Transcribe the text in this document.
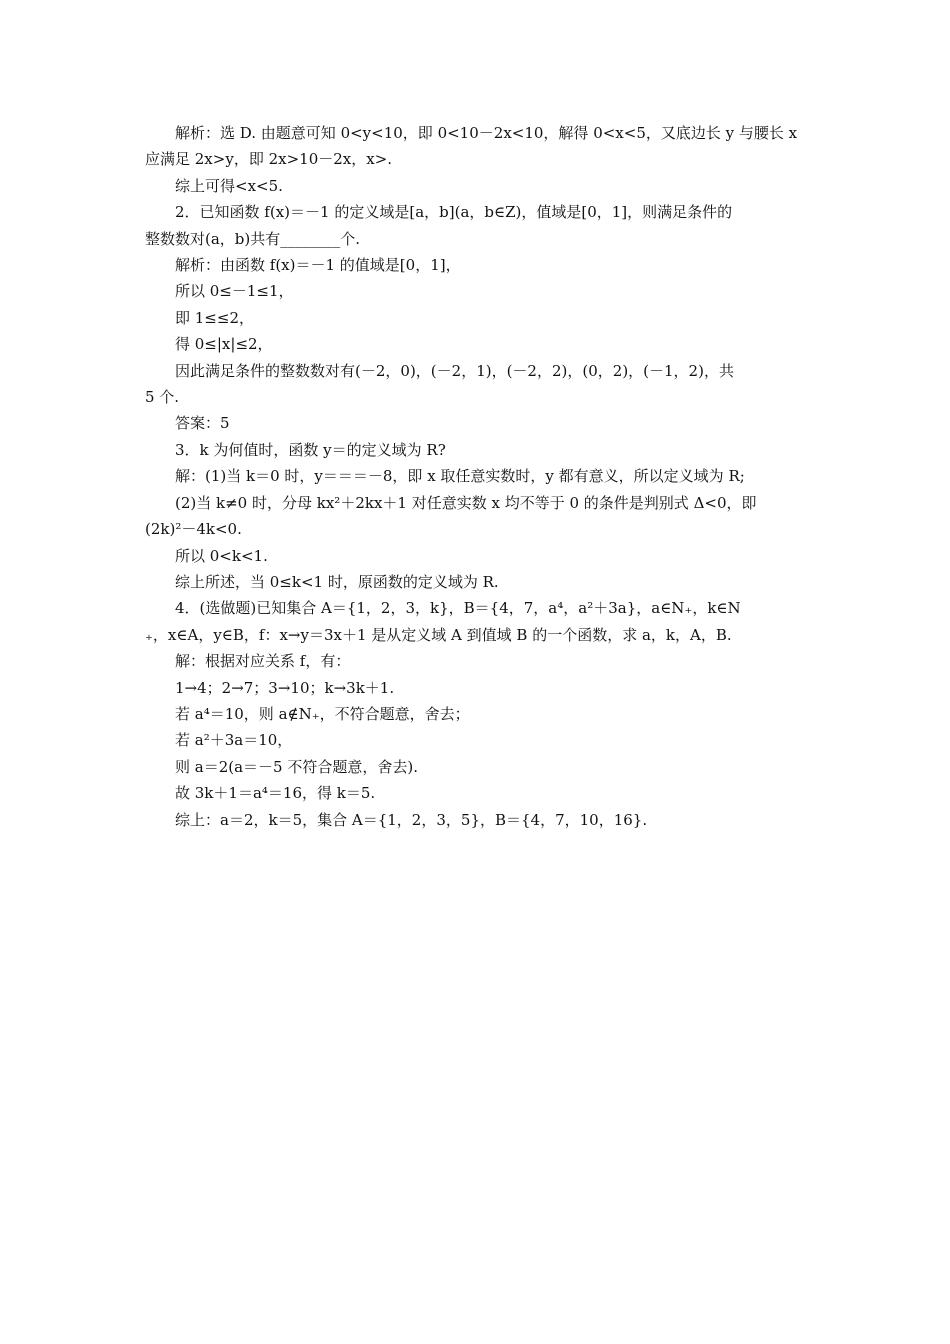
解析：选 D. 由题意可知 0<y<10，即 0<10－2x<10，解得 0<x<5，又底边长 y 与腰长 x
应满足 2x>y，即 2x>10－2x，x>.
综上可得<x<5.
2．已知函数 f(x)＝－1 的定义域是[a，b](a，b∈Z)，值域是[0，1]，则满足条件的
整数数对(a，b)共有________个.
解析：由函数 f(x)＝－1 的值域是[0，1]，
所以 0≤－1≤1，
即 1≤≤2，
得 0≤|x|≤2，
因此满足条件的整数数对有(－2，0)，(－2，1)，(－2，2)，(0，2)，(－1，2)，共
5 个.
答案：5
3．k 为何值时，函数 y＝的定义域为 R?
解：(1)当 k＝0 时，y＝＝＝－8，即 x 取任意实数时，y 都有意义，所以定义域为 R;
(2)当 k≠0 时，分母 kx²＋2kx＋1 对任意实数 x 均不等于 0 的条件是判别式 Δ<0，即
(2k)²－4k<0.
所以 0<k<1.
综上所述，当 0≤k<1 时，原函数的定义域为 R.
4．(选做题)已知集合 A＝{1，2，3，k}，B＝{4，7，a⁴，a²＋3a}，a∈N₊，k∈N
₊，x∈A，y∈B，f：x→y＝3x＋1 是从定义域 A 到值域 B 的一个函数，求 a，k，A，B.
解：根据对应关系 f，有：
1→4；2→7；3→10；k→3k＋1.
若 a⁴＝10，则 a∉N₊，不符合题意，舍去；
若 a²＋3a＝10，
则 a＝2(a＝－5 不符合题意，舍去).
故 3k＋1＝a⁴＝16，得 k＝5.
综上：a＝2，k＝5，集合 A＝{1，2，3，5}，B＝{4，7，10，16}.
